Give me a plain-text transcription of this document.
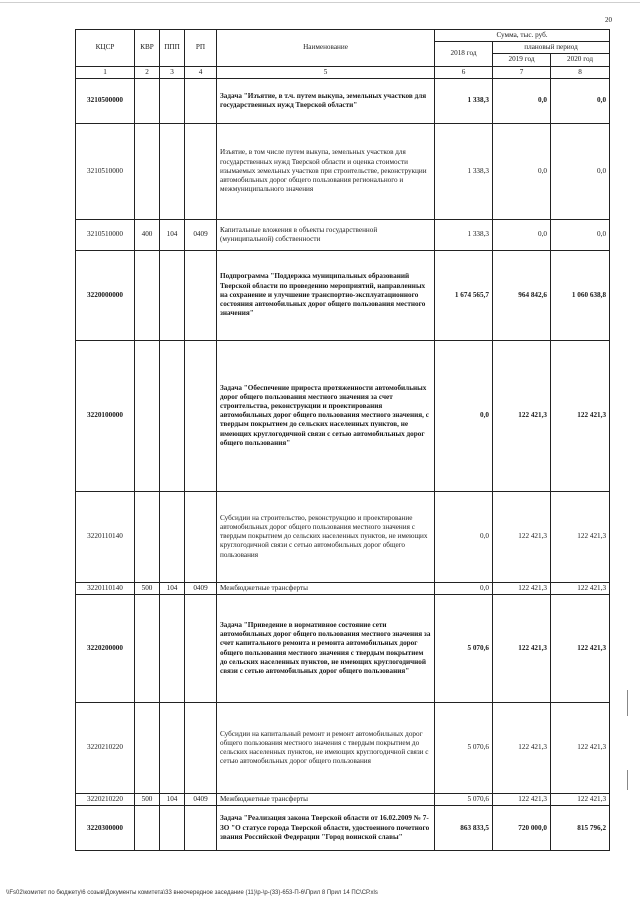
20
КЦСР	КВР	ППП	РП	Наименование	Сумма, тыс. руб.		
					2018 год	плановый период	
						2019 год	2020 год
1	2	3	4	5	6	7	8
3210500000				Задача "Изъятие, в т.ч. путем выкупа, земельных участков для государственных нужд Тверской области"	1 338,3	0,0	0,0
3210510000				Изъятие, в том числе путем выкупа, земельных участков для государственных нужд Тверской области и оценка стоимости изымаемых земельных участков при строительстве, реконструкции автомобильных дорог общего пользования регионального и межмуниципального значения	1 338,3	0,0	0,0
3210510000	400	104	0409	Капитальные вложения в объекты государственной (муниципальной) собственности	1 338,3	0,0	0,0
3220000000				Подпрограмма "Поддержка муниципальных образований Тверской области по проведению мероприятий, направленных на сохранение и улучшение транспортно-эксплуатационного состояния автомобильных дорог общего пользования местного значения"	1 674 565,7	964 842,6	1 060 638,8
3220100000				Задача "Обеспечение прироста протяженности автомобильных дорог общего пользования местного значения за счет строительства, реконструкции и проектирования автомобильных дорог общего пользования местного значения, с твердым покрытием до сельских населенных пунктов, не имеющих круглогодичной связи с сетью автомобильных дорог общего пользования"	0,0	122 421,3	122 421,3
3220110140				Субсидии на строительство, реконструкцию и проектирование автомобильных дорог общего пользования местного значения с твердым покрытием до сельских населенных пунктов, не имеющих круглогодичной связи с сетью автомобильных дорог общего пользования	0,0	122 421,3	122 421,3
3220110140	500	104	0409	Межбюджетные трансферты	0,0	122 421,3	122 421,3
3220200000				Задача "Приведение в нормативное состояние сети автомобильных дорог общего пользования местного значения за счет капитального ремонта и ремонта автомобильных дорог общего пользования местного значения с твердым покрытием до сельских населенных пунктов, не имеющих круглогодичной связи с сетью автомобильных дорог общего пользования"	5 070,6	122 421,3	122 421,3
3220210220				Субсидии на капитальный ремонт и ремонт автомобильных дорог общего пользования местного значения с твердым покрытием до сельских населенных пунктов, не имеющих круглогодичной связи с сетью автомобильных дорог общего пользования	5 070,6	122 421,3	122 421,3
3220210220	500	104	0409	Межбюджетные трансферты	5 070,6	122 421,3	122 421,3
3220300000				Задача "Реализация закона Тверской области от 16.02.2009 № 7-ЗО "О статусе города Тверской области, удостоенного почетного звания Российской Федерации "Город воинской славы"	863 833,5	720 000,0	815 796,2
\\Fs02\комитет по бюджету\6 созыв\Документы комитета\33 внеочередное заседание (11)\р-\р-(33)-653-П-6\Прил 8 Прил 14 ПС\СР.xls
